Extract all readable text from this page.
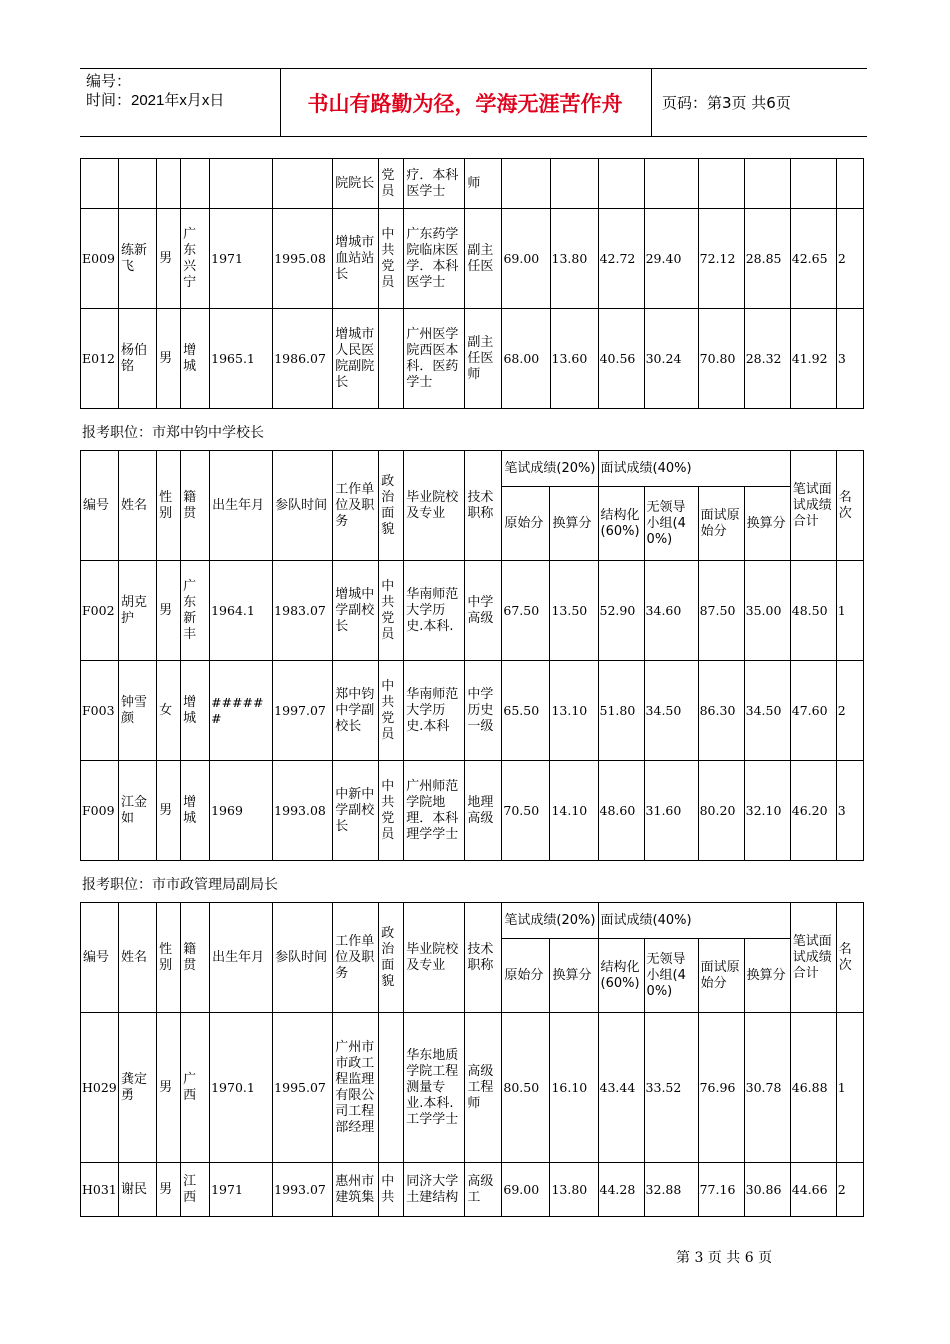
编号：
时间：2021年x月x日	书山有路勤为径，学海无涯苦作舟	页码：第3页 共6页
						院院长	党员	疗．本科医学士	师								
E009	练新飞	男	广东兴宁	1971	1995.08	增城市血站站长	中共党员	广东药学院临床医学．本科医学士	副主任医	69.00	13.80	42.72	29.40	72.12	28.85	42.65	2
E012	杨伯铭	男	增城	1965.1	1986.07	增城市人民医院副院长		广州医学院西医本科．医药学士	副主任医师	68.00	13.60	40.56	30.24	70.80	28.32	41.92	3
报考职位：市郑中钧中学校长
编号	姓名	性别	籍贯	出生年月	参队时间	工作单位及职务	政治面貌	毕业院校及专业	技术职称	笔试成绩(20%)		面试成绩(40%)				笔试面试成绩合计	名次
										原始分	换算分	结构化(60%)	无领导小组(40%)	面试原始分	换算分		
F002	胡克护	男	广东新丰	1964.1	1983.07	增城中学副校长	中共党员	华南师范大学历史.本科.	中学高级	67.50	13.50	52.90	34.60	87.50	35.00	48.50	1
F003	钟雪颜	女	增城	######	1997.07	郑中钧中学副校长	中共党员	华南师范大学历史.本科	中学历史一级	65.50	13.10	51.80	34.50	86.30	34.50	47.60	2
F009	江金如	男	增城	1969	1993.08	中新中学副校长	中共党员	广州师范学院地理．本科理学学士	地理高级	70.50	14.10	48.60	31.60	80.20	32.10	46.20	3
报考职位：市市政管理局副局长
编号	姓名	性别	籍贯	出生年月	参队时间	工作单位及职务	政治面貌	毕业院校及专业	技术职称	笔试成绩(20%)		面试成绩(40%)				笔试面试成绩合计	名次
										原始分	换算分	结构化(60%)	无领导小组(40%)	面试原始分	换算分		
H029	龚定勇	男	广西	1970.1	1995.07	广州市市政工程监理有限公司工程部经理		华东地质学院工程测量专业.本科.工学学士	高级工程师	80.50	16.10	43.44	33.52	76.96	30.78	46.88	1
H031	谢民	男	江西	1971	1993.07	惠州市建筑集	中共	同济大学土建结构	高级工	69.00	13.80	44.28	32.88	77.16	30.86	44.66	2
第 3 页 共 6 页
